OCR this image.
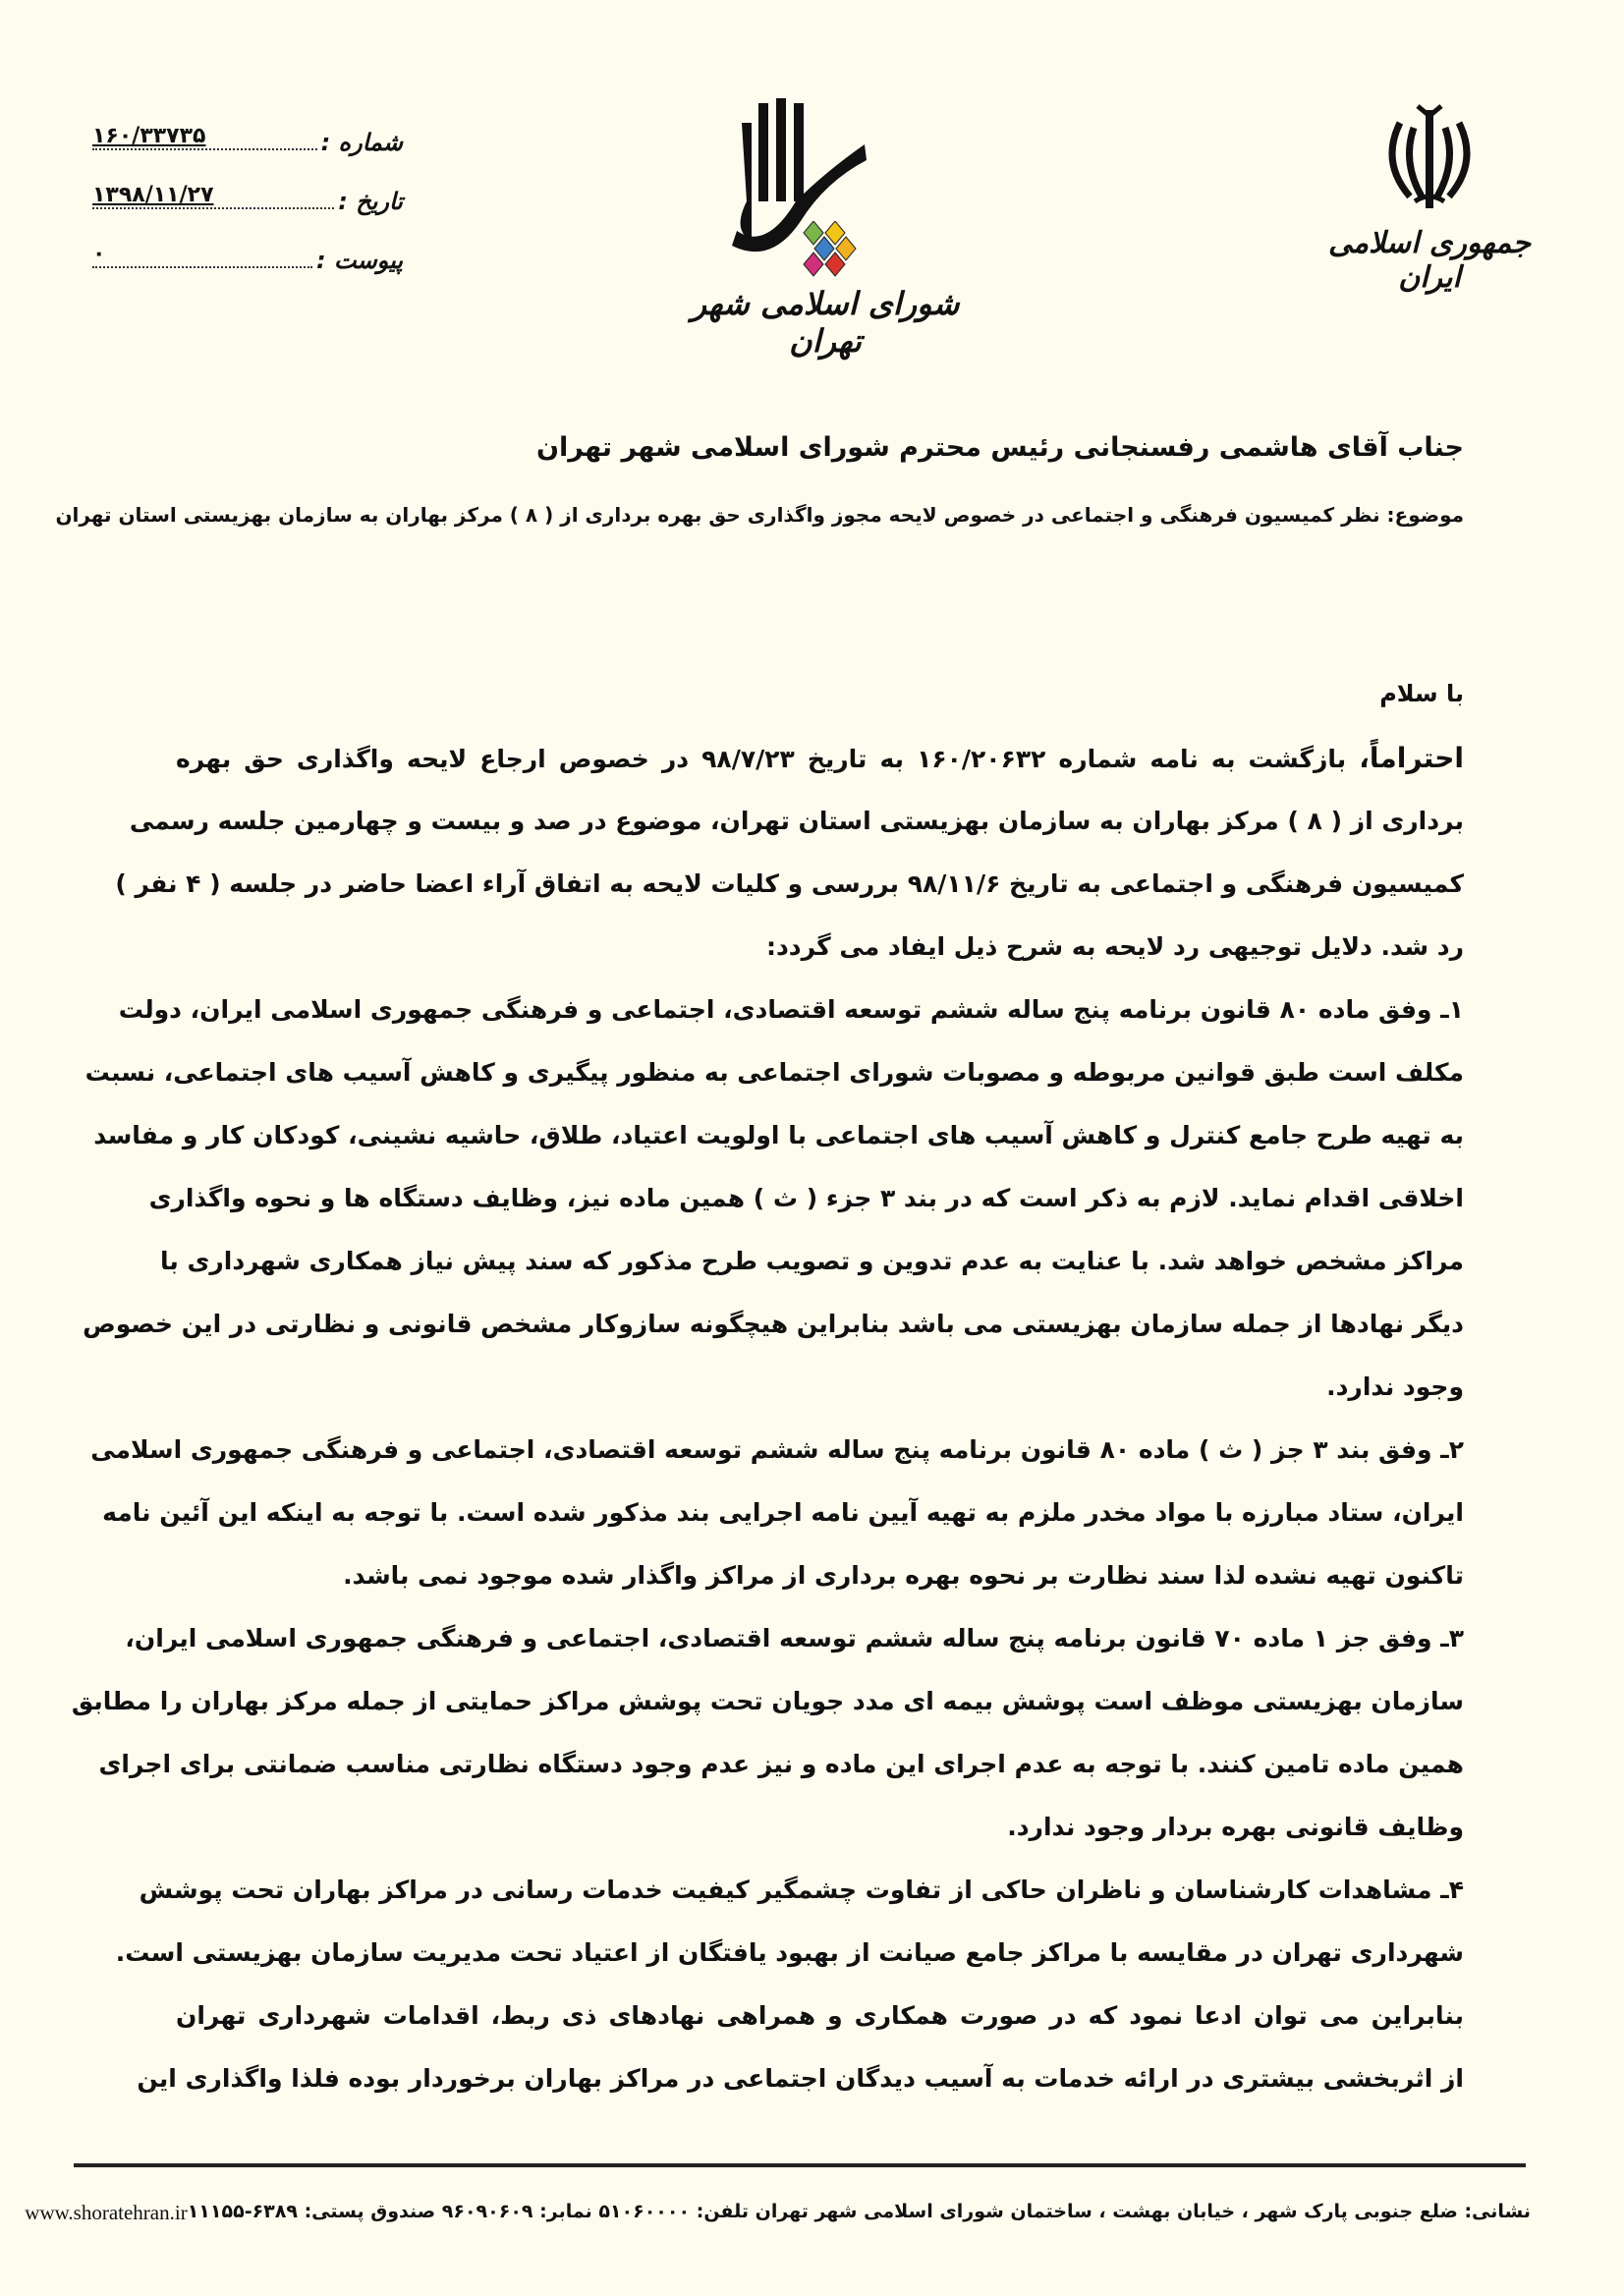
شماره :
۱۶۰/۳۳۷۳۵
تاریخ :
۱۳۹۸/۱۱/۲۷
پیوست :
۰
شورای اسلامی شهر تهران
جمهوری اسلامی ایران
جناب آقای هاشمی رفسنجانی رئیس محترم شورای اسلامی شهر تهران
موضوع: نظر کمیسیون فرهنگی و اجتماعی در خصوص لایحه مجوز واگذاری حق بهره برداری از ( ۸ ) مرکز بهاران به سازمان بهزیستی استان تهران
با سلام
احتراماً، بازگشت به نامه شماره ۱۶۰/۲۰۶۳۲ به تاریخ ۹۸/۷/۲۳ در خصوص ارجاع لایحه واگذاری حق بهره
برداری از ( ۸ ) مرکز بهاران به سازمان بهزیستی استان تهران، موضوع در صد و بیست و چهارمین جلسه رسمی
کمیسیون فرهنگی و اجتماعی به تاریخ ۹۸/۱۱/۶ بررسی و کلیات لایحه به اتفاق آراء اعضا حاضر در جلسه ( ۴ نفر )
رد شد. دلایل توجیهی رد لایحه به شرح ذیل ایفاد می گردد:
۱ـ وفق ماده ۸۰ قانون برنامه پنج ساله ششم توسعه اقتصادی، اجتماعی و فرهنگی جمهوری اسلامی ایران، دولت
مکلف است طبق قوانین مربوطه و مصوبات شورای اجتماعی به منظور پیگیری و کاهش آسیب های اجتماعی، نسبت
به تهیه طرح جامع کنترل و کاهش آسیب های اجتماعی با اولویت اعتیاد، طلاق، حاشیه نشینی، کودکان کار و مفاسد
اخلاقی اقدام نماید. لازم به ذکر است که در بند ۳ جزء ( ث ) همین ماده نیز، وظایف دستگاه ها و نحوه واگذاری
مراکز مشخص خواهد شد. با عنایت به عدم تدوین و تصویب طرح مذکور که سند پیش نیاز همکاری شهرداری با
دیگر نهادها از جمله سازمان بهزیستی می باشد بنابراین هیچگونه سازوکار مشخص قانونی و نظارتی در این خصوص
وجود ندارد.
۲ـ وفق بند ۳ جز ( ث ) ماده ۸۰ قانون برنامه پنج ساله ششم توسعه اقتصادی، اجتماعی و فرهنگی جمهوری اسلامی
ایران، ستاد مبارزه با مواد مخدر ملزم به تهیه آیین نامه اجرایی بند مذکور شده است. با توجه به اینکه این آئین نامه
تاکنون تهیه نشده لذا سند نظارت بر نحوه بهره برداری از مراکز واگذار شده موجود نمی باشد.
۳ـ وفق جز ۱ ماده ۷۰ قانون برنامه پنج ساله ششم توسعه اقتصادی، اجتماعی و فرهنگی جمهوری اسلامی ایران،
سازمان بهزیستی موظف است پوشش بیمه ای مدد جویان تحت پوشش مراکز حمایتی از جمله مرکز بهاران را مطابق
همین ماده تامین کنند. با توجه به عدم اجرای این ماده و نیز عدم وجود دستگاه نظارتی مناسب ضمانتی برای اجرای
وظایف قانونی بهره بردار وجود ندارد.
۴ـ مشاهدات کارشناسان و ناظران حاکی از تفاوت چشمگیر کیفیت خدمات رسانی در مراکز بهاران تحت پوشش
شهرداری تهران در مقایسه با مراکز جامع صیانت از بهبود یافتگان از اعتیاد تحت مدیریت سازمان بهزیستی است.
بنابراین می توان ادعا نمود که در صورت همکاری و همراهی نهادهای ذی ربط، اقدامات شهرداری تهران
از اثربخشی بیشتری در ارائه خدمات به آسیب دیدگان اجتماعی در مراکز بهاران برخوردار بوده فلذا واگذاری این
نشانی: ضلع جنوبی پارک شهر ، خیابان بهشت ، ساختمان شورای اسلامی شهر تهران تلفن: ۵۱۰۶۰۰۰۰ نمابر: ۹۶۰۹۰۶۰۹ صندوق پستی: ۶۳۸۹-۱۱۱۵۵
www.shoratehran.ir
